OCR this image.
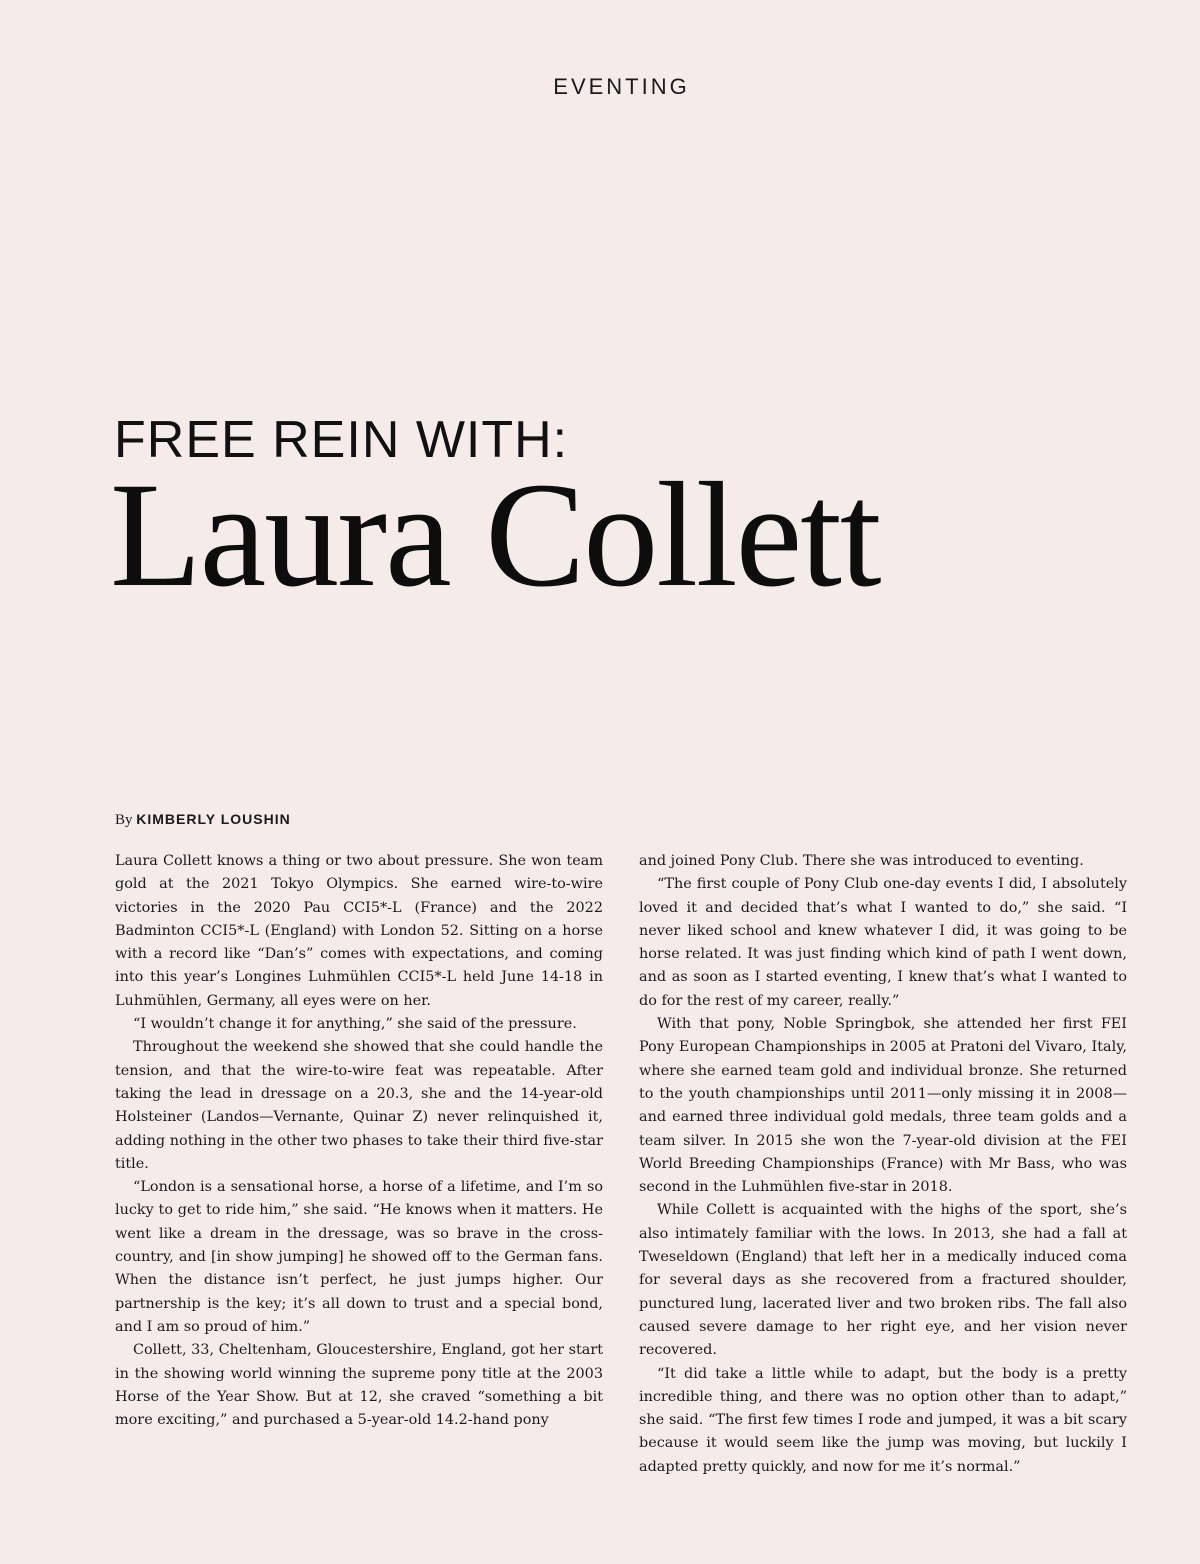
EVENTING
FREE REIN WITH:
Laura Collett
By KIMBERLY LOUSHIN

Laura Collett knows a thing or two about pressure. She won team gold at the 2021 Tokyo Olympics. She earned wire-to-wire victories in the 2020 Pau CCI5*-L (France) and the 2022 Badminton CCI5*-L (England) with London 52. Sitting on a horse with a record like “Dan’s” comes with expectations, and coming into this year’s Longines Luhmühlen CCI5*-L held June 14-18 in Luhmühlen, Germany, all eyes were on her.

“I wouldn’t change it for anything,” she said of the pressure.

Throughout the weekend she showed that she could handle the tension, and that the wire-to-wire feat was repeatable. After taking the lead in dressage on a 20.3, she and the 14-year-old Holsteiner (Landos—Vernante, Quinar Z) never relinquished it, adding nothing in the other two phases to take their third five-star title.

“London is a sensational horse, a horse of a lifetime, and I’m so lucky to get to ride him,” she said. “He knows when it matters. He went like a dream in the dressage, was so brave in the cross-country, and [in show jumping] he showed off to the German fans. When the distance isn’t perfect, he just jumps higher. Our partnership is the key; it’s all down to trust and a special bond, and I am so proud of him.”

Collett, 33, Cheltenham, Gloucestershire, England, got her start in the showing world winning the supreme pony title at the 2003 Horse of the Year Show. But at 12, she craved “something a bit more exciting,” and purchased a 5-year-old 14.2-hand pony

and joined Pony Club. There she was introduced to eventing.

“The first couple of Pony Club one-day events I did, I absolutely loved it and decided that’s what I wanted to do,” she said. “I never liked school and knew whatever I did, it was going to be horse related. It was just finding which kind of path I went down, and as soon as I started eventing, I knew that’s what I wanted to do for the rest of my career, really.”

With that pony, Noble Springbok, she attended her first FEI Pony European Championships in 2005 at Pratoni del Vivaro, Italy, where she earned team gold and individual bronze. She returned to the youth championships until 2011—only missing it in 2008—and earned three individual gold medals, three team golds and a team silver. In 2015 she won the 7-year-old division at the FEI World Breeding Championships (France) with Mr Bass, who was second in the Luhmühlen five-star in 2018.

While Collett is acquainted with the highs of the sport, she’s also intimately familiar with the lows. In 2013, she had a fall at Tweseldown (England) that left her in a medically induced coma for several days as she recovered from a fractured shoulder, punctured lung, lacerated liver and two broken ribs. The fall also caused severe damage to her right eye, and her vision never recovered.

“It did take a little while to adapt, but the body is a pretty incredible thing, and there was no option other than to adapt,” she said. “The first few times I rode and jumped, it was a bit scary because it would seem like the jump was moving, but luckily I adapted pretty quickly, and now for me it’s normal.”
